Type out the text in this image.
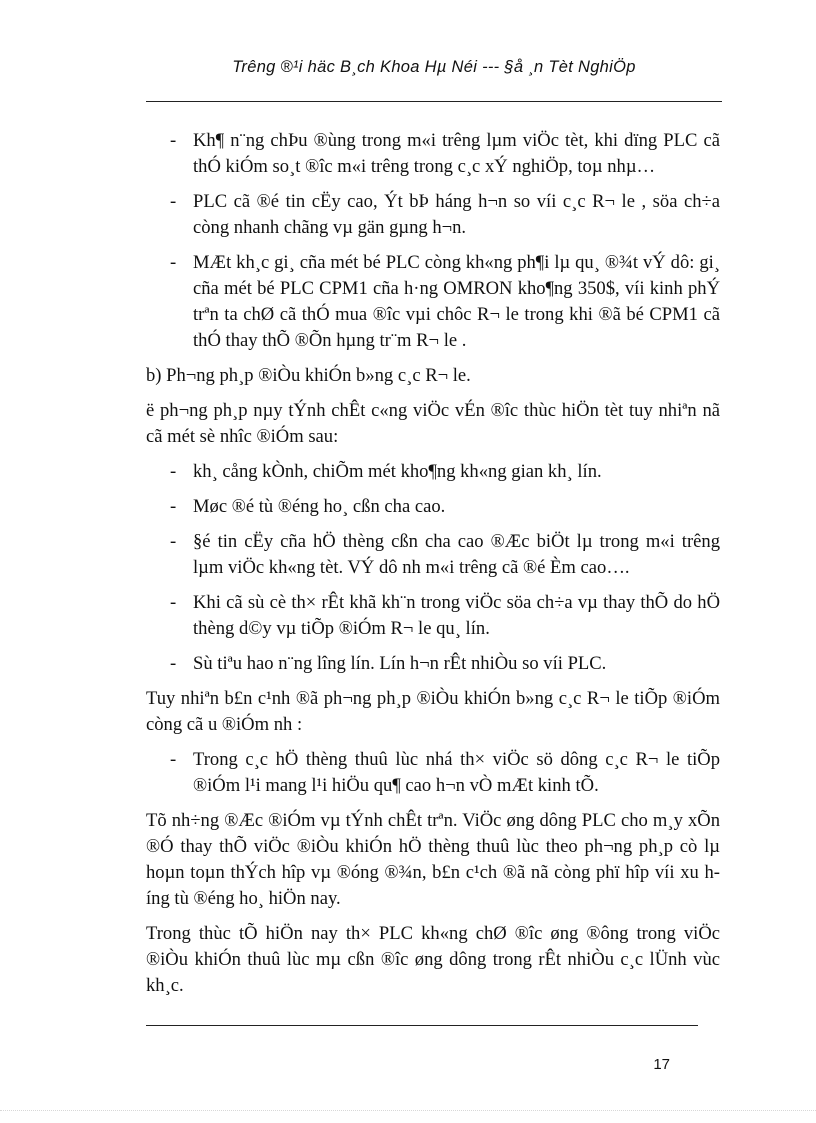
Trêng ®¹i häc B¸ch Khoa Hµ Néi --- §å ¸n Tèt NghiÖp
- Kh¶ n¨ng chÞu ®ùng trong m«i trêng lµm viÖc tèt, khi dïng PLC cã thÓ kiÓm so¸t ®îc m«i trêng trong c¸c xÝ nghiÖp, toµ nhµ…
- PLC cã ®é tin cËy cao, Ýt bÞ háng h¬n so víi c¸c R¬ le , söa ch÷a còng nhanh chãng vµ gän gµng h¬n.
- MÆt kh¸c gi¸ cña mét bé PLC còng kh«ng ph¶i lµ qu¸ ®¾t vÝ dô: gi¸ cña mét bé PLC CPM1 cña h·ng OMRON kho¶ng 350$, víi kinh phÝ trªn ta chØ cã thÓ mua ®îc vµi chôc R¬ le trong khi ®ã bé CPM1 cã thÓ thay thÕ ®Õn hµng tr¨m R¬ le .

b) Ph¬ng ph¸p ®iÒu khiÓn b»ng c¸c R¬ le.

ë ph¬ng ph¸p nµy tÝnh chÊt c«ng viÖc vÉn ®îc thùc hiÖn tèt tuy nhiªn nã cã mét sè nhîc ®iÓm sau:

- kh¸ cång kÒnh, chiÕm mét kho¶ng kh«ng gian kh¸ lín.
- Møc ®é tù ®éng ho¸ cßn cha cao.
- §é tin cËy cña hÖ thèng cßn cha cao ®Æc biÖt lµ trong m«i trêng lµm viÖc kh«ng tèt. VÝ dô nh m«i trêng cã ®é Èm cao….
- Khi cã sù cè th× rÊt khã kh¨n trong viÖc söa ch÷a vµ thay thÕ do hÖ thèng d©y vµ tiÕp ®iÓm R¬ le qu¸ lín.
- Sù tiªu hao n¨ng lîng lín. Lín h¬n rÊt nhiÒu so víi PLC.

Tuy nhiªn b£n c¹nh ®ã ph¬ng ph¸p ®iÒu khiÓn b»ng c¸c R¬ le tiÕp ®iÓm còng cã u ®iÓm nh :

- Trong c¸c hÖ thèng thuû lùc nhá th× viÖc sö dông c¸c R¬ le tiÕp ®iÓm l¹i mang l¹i hiÖu qu¶ cao h¬n vÒ mÆt kinh tÕ.

Tõ nh÷ng ®Æc ®iÓm vµ tÝnh chÊt trªn. ViÖc øng dông PLC cho m¸y xÕn ®Ó thay thÕ viÖc ®iÒu khiÓn hÖ thèng thuû lùc theo ph¬ng ph¸p cò lµ hoµn toµn thÝch hîp vµ ®óng ®¾n, b£n c¹ch ®ã nã còng phï hîp víi xu híng tù ®éng ho¸ hiÖn nay.

Trong thùc tÕ hiÖn nay th× PLC kh«ng chØ ®îc øng ®ông trong viÖc ®iÒu khiÓn thuû lùc mµ cßn ®îc øng dông trong rÊt nhiÒu c¸c lÜnh vùc kh¸c.

17
